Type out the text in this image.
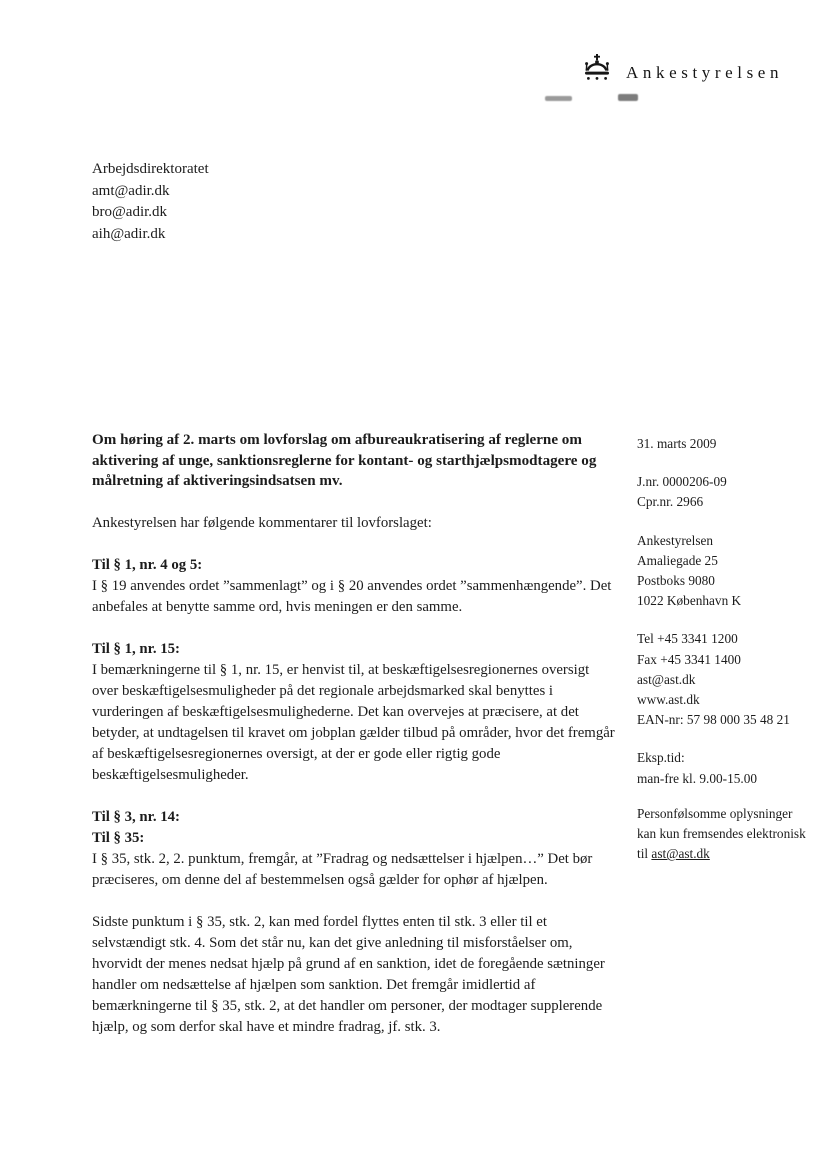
Ankestyrelsen
Arbejdsdirektoratet
amt@adir.dk
bro@adir.dk
aih@adir.dk
Om høring af 2. marts om lovforslag om afbureaukratisering af reglerne om aktivering af unge, sanktionsreglerne for kontant- og starthjælpsmodtagere og målretning af aktiveringsindsatsen mv.

Ankestyrelsen har følgende kommentarer til lovforslaget:

Til § 1, nr. 4 og 5:

I § 19 anvendes ordet ”sammenlagt” og i § 20 anvendes ordet ”sammenhængende”. Det anbefales at benytte samme ord, hvis meningen er den samme.

Til § 1, nr. 15:

I bemærkningerne til § 1, nr. 15, er henvist til, at beskæftigelsesregionernes oversigt over beskæftigelsesmuligheder på det regionale arbejdsmarked skal benyttes i vurderingen af beskæftigelsesmulighederne. Det kan overvejes at præcisere, at det betyder, at undtagelsen til kravet om jobplan gælder tilbud på områder, hvor det fremgår af beskæftigelsesregionernes oversigt, at der er gode eller rigtig gode beskæftigelsesmuligheder.

Til § 3, nr. 14:
Til § 35:

I § 35, stk. 2, 2. punktum, fremgår, at ”Fradrag og nedsættelser i hjælpen…” Det bør præciseres, om denne del af bestemmelsen også gælder for ophør af hjælpen.

Sidste punktum i § 35, stk. 2, kan med fordel flyttes enten til stk. 3 eller til et selvstændigt stk. 4. Som det står nu, kan det give anledning til misforståelser om, hvorvidt der menes nedsat hjælp på grund af en sanktion, idet de foregående sætninger handler om nedsættelse af hjælpen som sanktion. Det fremgår imidlertid af bemærkningerne til § 35, stk. 2, at det handler om personer, der modtager supplerende hjælp, og som derfor skal have et mindre fradrag, jf. stk. 3.

31. marts 2009
J.nr. 0000206-09
Cpr.nr. 2966
Ankestyrelsen
Amaliegade 25
Postboks 9080
1022 København K
Tel +45 3341 1200
Fax +45 3341 1400
ast@ast.dk
www.ast.dk
EAN-nr: 57 98 000 35 48 21
Eksp.tid:
man-fre kl. 9.00-15.00
Personfølsomme oplysninger
kan kun fremsendes elektronisk
til ast@ast.dk
